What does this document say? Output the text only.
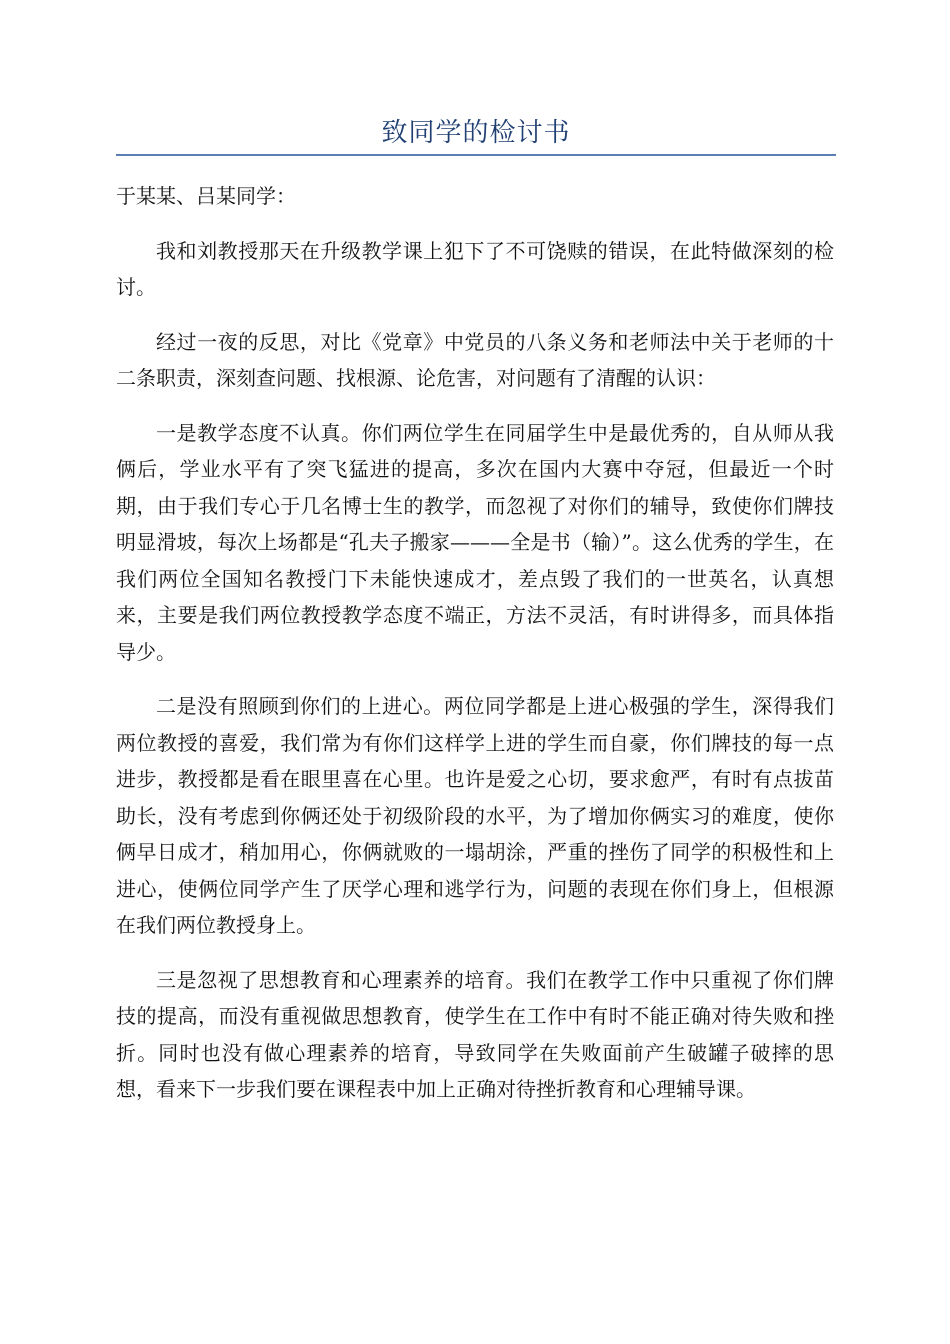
致同学的检讨书

于某某、吕某同学：

我和刘教授那天在升级教学课上犯下了不可饶赎的错误，在此特做深刻的检讨。

经过一夜的反思，对比《党章》中党员的八条义务和老师法中关于老师的十二条职责，深刻查问题、找根源、论危害，对问题有了清醒的认识：

一是教学态度不认真。你们两位学生在同届学生中是最优秀的，自从师从我俩后，学业水平有了突飞猛进的提高，多次在国内大赛中夺冠，但最近一个时期，由于我们专心于几名博士生的教学，而忽视了对你们的辅导，致使你们牌技明显滑坡，每次上场都是“孔夫子搬家———全是书（输）”。这么优秀的学生，在我们两位全国知名教授门下未能快速成才，差点毁了我们的一世英名，认真想来，主要是我们两位教授教学态度不端正，方法不灵活，有时讲得多，而具体指导少。

二是没有照顾到你们的上进心。两位同学都是上进心极强的学生，深得我们两位教授的喜爱，我们常为有你们这样学上进的学生而自豪，你们牌技的每一点进步，教授都是看在眼里喜在心里。也许是爱之心切，要求愈严，有时有点拔苗助长，没有考虑到你俩还处于初级阶段的水平，为了增加你俩实习的难度，使你俩早日成才，稍加用心，你俩就败的一塌胡涂，严重的挫伤了同学的积极性和上进心，使俩位同学产生了厌学心理和逃学行为，问题的表现在你们身上，但根源在我们两位教授身上。

三是忽视了思想教育和心理素养的培育。我们在教学工作中只重视了你们牌技的提高，而没有重视做思想教育，使学生在工作中有时不能正确对待失败和挫折。同时也没有做心理素养的培育，导致同学在失败面前产生破罐子破摔的思想，看来下一步我们要在课程表中加上正确对待挫折教育和心理辅导课。
